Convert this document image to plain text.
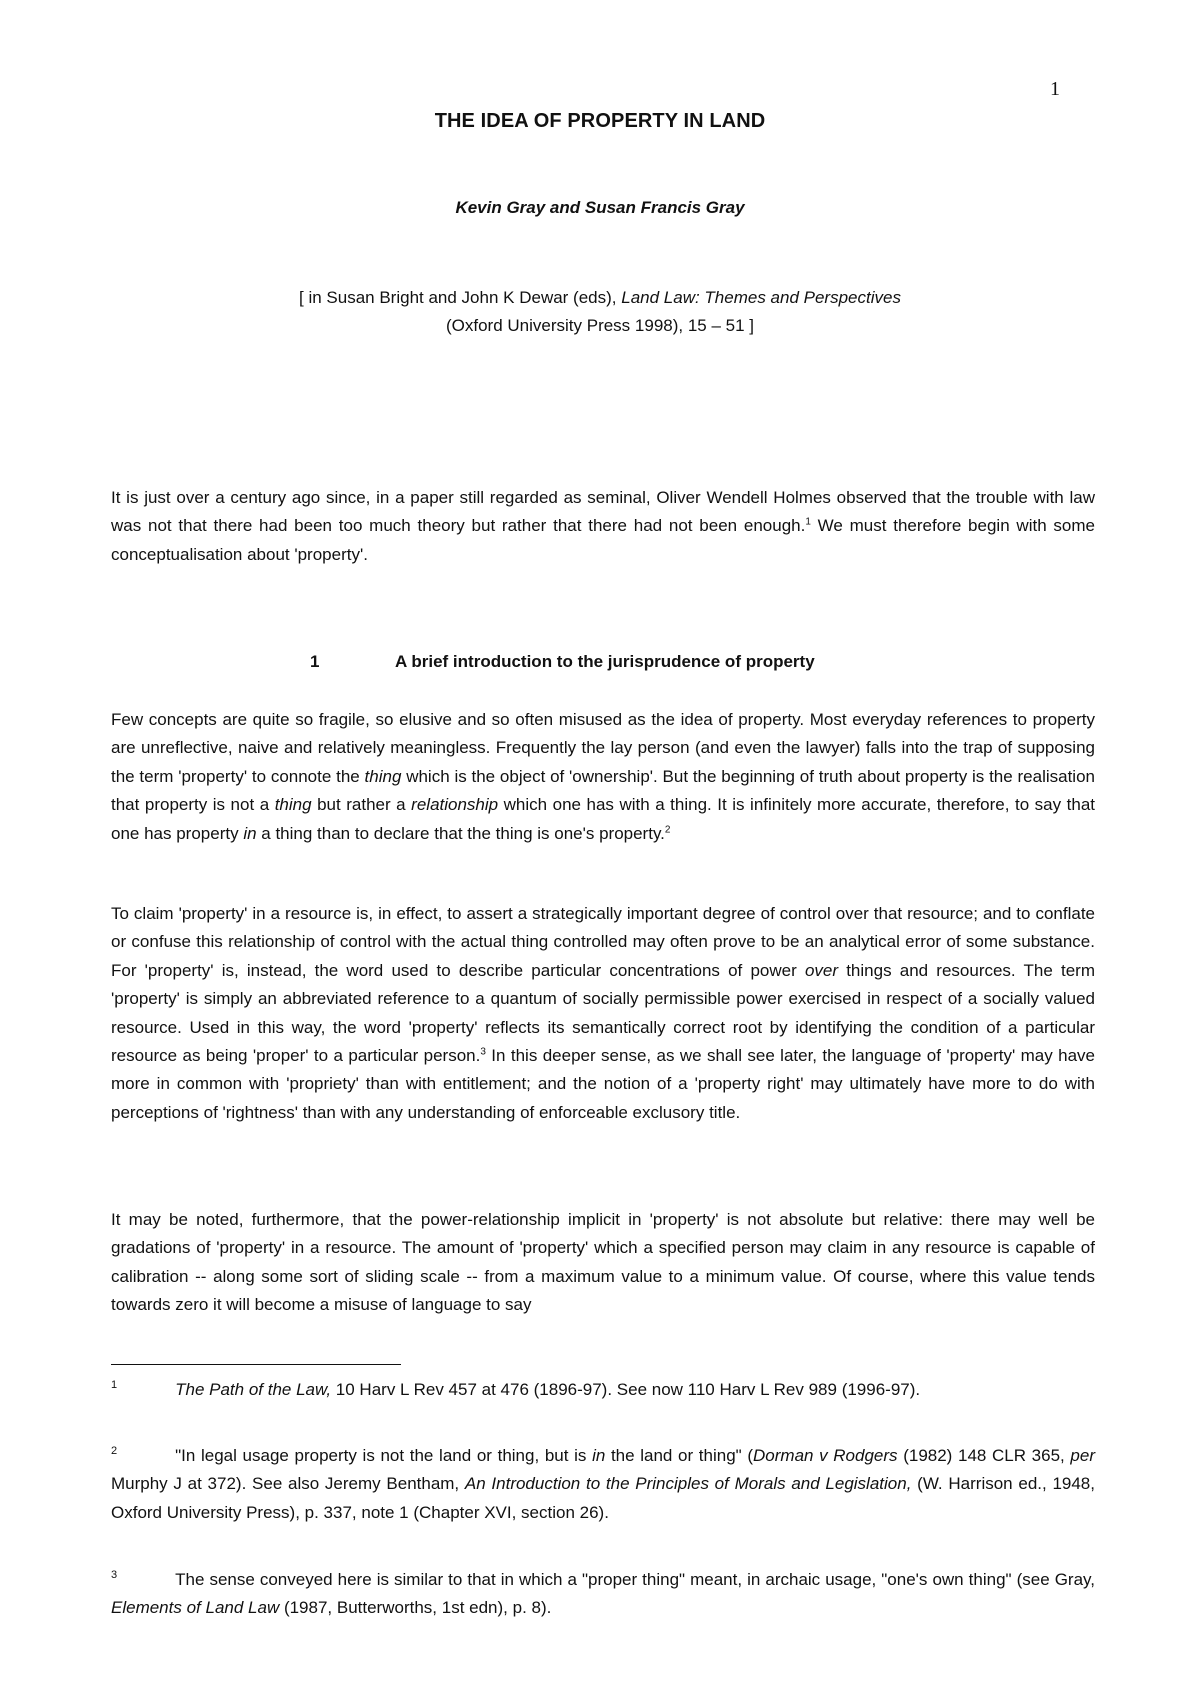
1
THE IDEA OF PROPERTY IN LAND
Kevin Gray and Susan Francis Gray
[ in Susan Bright and John K Dewar (eds), Land Law: Themes and Perspectives
(Oxford University Press 1998), 15 – 51 ]
It is just over a century ago since, in a paper still regarded as seminal, Oliver Wendell Holmes observed that the trouble with law was not that there had been too much theory but rather that there had not been enough.$^1$ We must therefore begin with some conceptualisation about 'property'.
1	A brief introduction to the jurisprudence of property
Few concepts are quite so fragile, so elusive and so often misused as the idea of property. Most everyday references to property are unreflective, naive and relatively meaningless. Frequently the lay person (and even the lawyer) falls into the trap of supposing the term 'property' to connote the thing which is the object of 'ownership'. But the beginning of truth about property is the realisation that property is not a thing but rather a relationship which one has with a thing. It is infinitely more accurate, therefore, to say that one has property in a thing than to declare that the thing is one's property.$^2$
To claim 'property' in a resource is, in effect, to assert a strategically important degree of control over that resource; and to conflate or confuse this relationship of control with the actual thing controlled may often prove to be an analytical error of some substance. For 'property' is, instead, the word used to describe particular concentrations of power over things and resources. The term 'property' is simply an abbreviated reference to a quantum of socially permissible power exercised in respect of a socially valued resource. Used in this way, the word 'property' reflects its semantically correct root by identifying the condition of a particular resource as being 'proper' to a particular person.$^3$ In this deeper sense, as we shall see later, the language of 'property' may have more in common with 'propriety' than with entitlement; and the notion of a 'property right' may ultimately have more to do with perceptions of 'rightness' than with any understanding of enforceable exclusory title.
It may be noted, furthermore, that the power-relationship implicit in 'property' is not absolute but relative: there may well be gradations of 'property' in a resource. The amount of 'property' which a specified person may claim in any resource is capable of calibration -- along some sort of sliding scale -- from a maximum value to a minimum value. Of course, where this value tends towards zero it will become a misuse of language to say
$^1$	The Path of the Law, 10 Harv L Rev 457 at 476 (1896-97). See now 110 Harv L Rev 989 (1996-97).
$^2$	"In legal usage property is not the land or thing, but is in the land or thing" (Dorman v Rodgers (1982) 148 CLR 365, per Murphy J at 372). See also Jeremy Bentham, An Introduction to the Principles of Morals and Legislation, (W. Harrison ed., 1948, Oxford University Press), p. 337, note 1 (Chapter XVI, section 26).
$^3$	The sense conveyed here is similar to that in which a "proper thing" meant, in archaic usage, "one's own thing" (see Gray, Elements of Land Law (1987, Butterworths, 1st edn), p. 8).
